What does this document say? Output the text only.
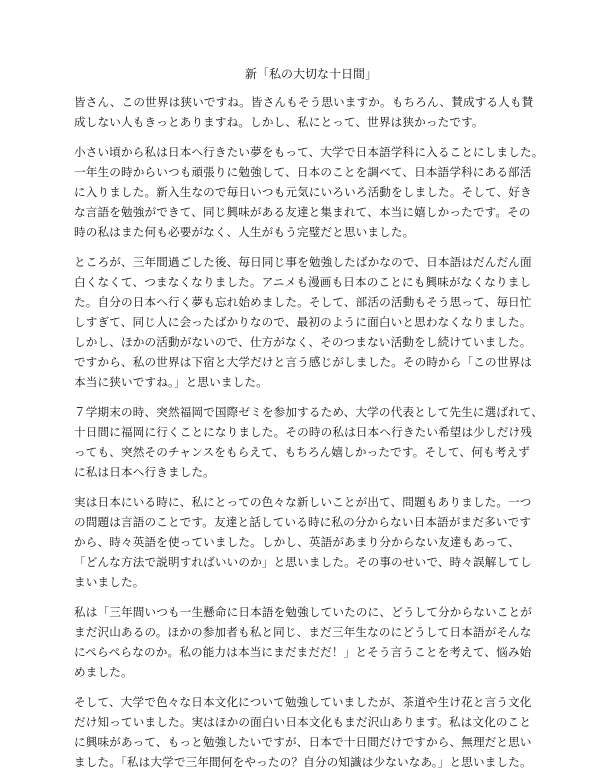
新「私の大切な十日間」
皆さん、この世界は狭いですね。皆さんもそう思いますか。もちろん、賛成する人も賛
成しない人もきっとありますね。しかし、私にとって、世界は狭かったです。
小さい頃から私は日本へ行きたい夢をもって、大学で日本語学科に入ることにしました。
一年生の時からいつも頑張りに勉強して、日本のことを調べて、日本語学科にある部活
に入りました。新入生なので毎日いつも元気にいろいろ活動をしました。そして、好き
な言語を勉強ができて、同じ興味がある友達と集まれて、本当に嬉しかったです。その
時の私はまた何も必要がなく、人生がもう完璧だと思いました。
ところが、三年間過ごした後、毎日同じ事を勉強したばかなので、日本語はだんだん面
白くなくて、つまなくなりました。アニメも漫画も日本のことにも興味がなくなりまし
た。自分の日本へ行く夢も忘れ始めました。そして、部活の活動もそう思って、毎日忙
しすぎて、同じ人に会ったばかりなので、最初のように面白いと思わなくなりました。
しかし、ほかの活動がないので、仕方がなく、そのつまない活動をし続けていました。
ですから、私の世界は下宿と大学だけと言う感じがしました。その時から「この世界は
本当に狭いですね。」と思いました。
７学期末の時、突然福岡で国際ゼミを参加するため、大学の代表として先生に選ばれて、
十日間に福岡に行くことになりました。その時の私は日本へ行きたい希望は少しだけ残
っても、突然そのチャンスをもらえて、もちろん嬉しかったです。そして、何も考えず
に私は日本へ行きました。
実は日本にいる時に、私にとっての色々な新しいことが出て、問題もありました。一つ
の問題は言語のことです。友達と話している時に私の分からない日本語がまだ多いです
から、時々英語を使っていました。しかし、英語があまり分からない友達もあって、
「どんな方法で説明すればいいのか」と思いました。その事のせいで、時々誤解してし
まいました。
私は「三年間いつも一生懸命に日本語を勉強していたのに、どうして分からないことが
まだ沢山あるの。ほかの参加者も私と同じ、まだ三年生なのにどうして日本語がそんな
にぺらぺらなのか。私の能力は本当にまだまだだ！」とそう言うことを考えて、悩み始
めました。
そして、大学で色々な日本文化について勉強していましたが、茶道や生け花と言う文化
だけ知っていました。実はほかの面白い日本文化もまだ沢山あります。私は文化のこと
に興味があって、もっと勉強したいですが、日本で十日間だけですから、無理だと思い
ました。「私は大学で三年間何をやったの？自分の知識は少ないなあ。」と思いました。
